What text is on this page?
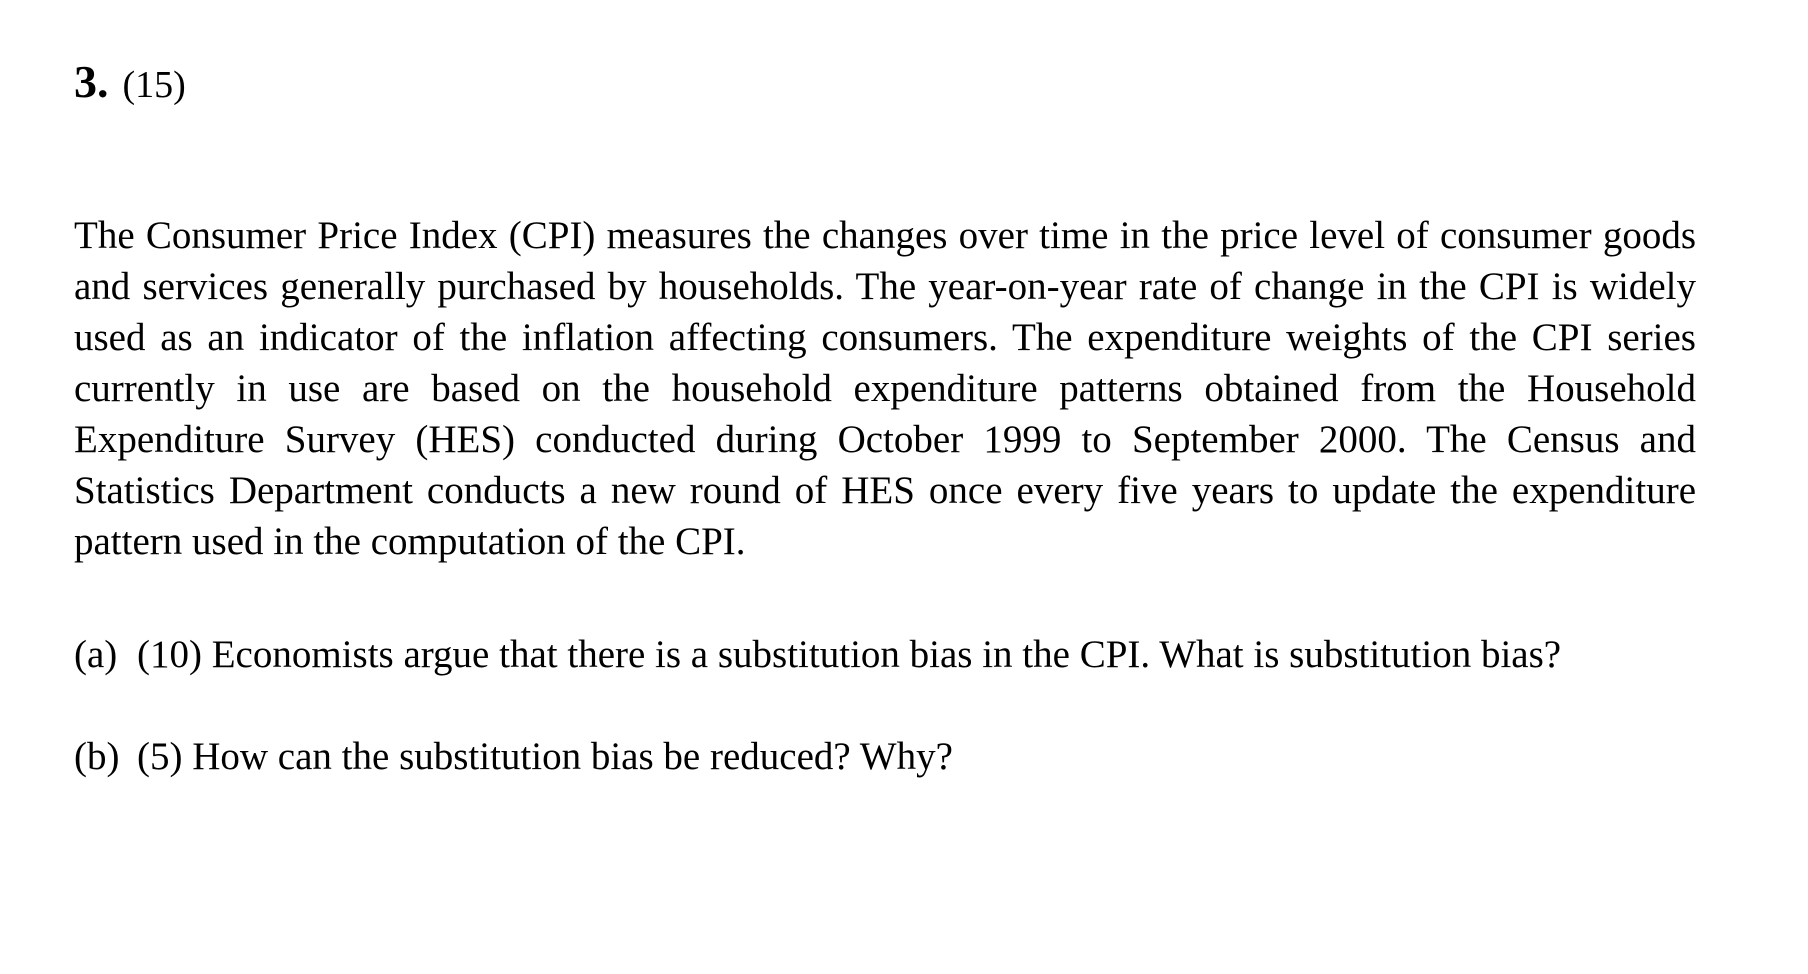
3. (15)

The Consumer Price Index (CPI) measures the changes over time in the price level of consumer goods and services generally purchased by households. The year-on-year rate of change in the CPI is widely used as an indicator of the inflation affecting consumers. The expenditure weights of the CPI series currently in use are based on the household expenditure patterns obtained from the Household Expenditure Survey (HES) conducted during October 1999 to September 2000. The Census and Statistics Department conducts a new round of HES once every five years to update the expenditure pattern used in the computation of the CPI.

(a) (10) Economists argue that there is a substitution bias in the CPI. What is substitution bias?
(b) (5) How can the substitution bias be reduced? Why?
